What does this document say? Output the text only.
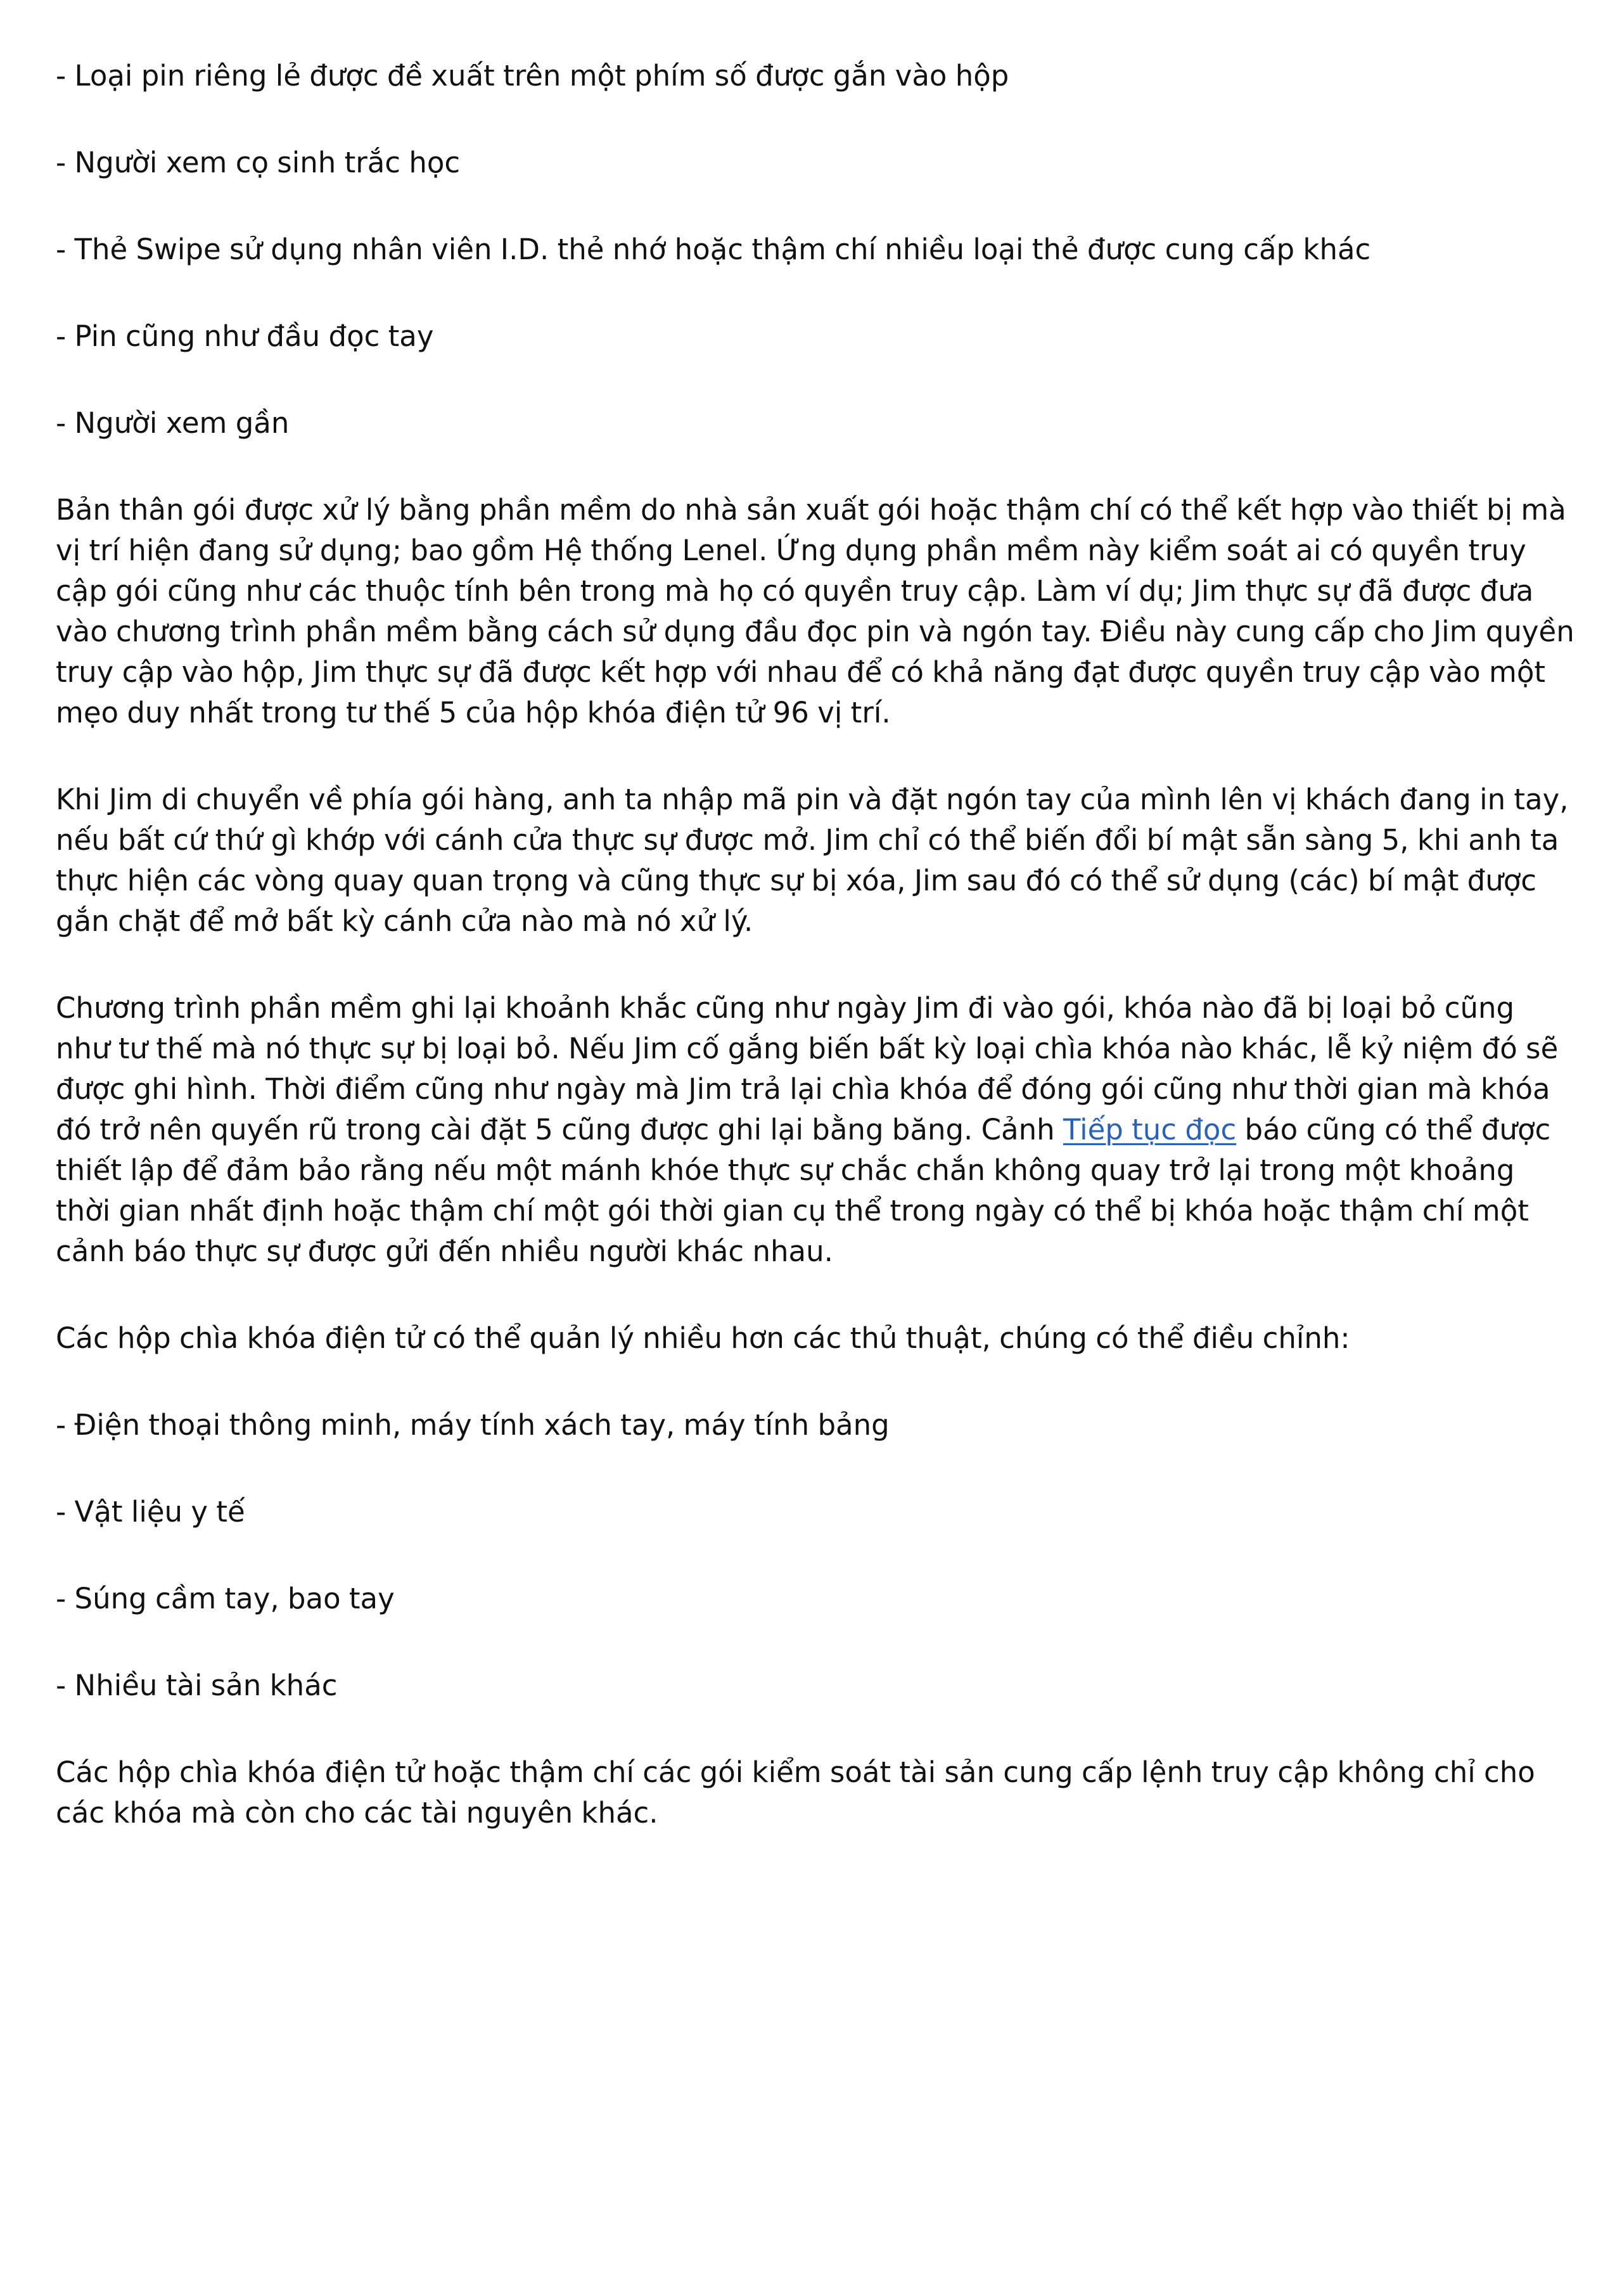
- Loại pin riêng lẻ được đề xuất trên một phím số được gắn vào hộp

- Người xem cọ sinh trắc học

- Thẻ Swipe sử dụng nhân viên I.D. thẻ nhớ hoặc thậm chí nhiều loại thẻ được cung cấp khác

- Pin cũng như đầu đọc tay

- Người xem gần

Bản thân gói được xử lý bằng phần mềm do nhà sản xuất gói hoặc thậm chí có thể kết hợp vào thiết bị mà vị trí hiện đang sử dụng; bao gồm Hệ thống Lenel. Ứng dụng phần mềm này kiểm soát ai có quyền truy cập gói cũng như các thuộc tính bên trong mà họ có quyền truy cập. Làm ví dụ; Jim thực sự đã được đưa vào chương trình phần mềm bằng cách sử dụng đầu đọc pin và ngón tay. Điều này cung cấp cho Jim quyền truy cập vào hộp, Jim thực sự đã được kết hợp với nhau để có khả năng đạt được quyền truy cập vào một mẹo duy nhất trong tư thế 5 của hộp khóa điện tử 96 vị trí.

Khi Jim di chuyển về phía gói hàng, anh ta nhập mã pin và đặt ngón tay của mình lên vị khách đang in tay, nếu bất cứ thứ gì khớp với cánh cửa thực sự được mở. Jim chỉ có thể biến đổi bí mật sẵn sàng 5, khi anh ta thực hiện các vòng quay quan trọng và cũng thực sự bị xóa, Jim sau đó có thể sử dụng (các) bí mật được gắn chặt để mở bất kỳ cánh cửa nào mà nó xử lý.

Chương trình phần mềm ghi lại khoảnh khắc cũng như ngày Jim đi vào gói, khóa nào đã bị loại bỏ cũng như tư thế mà nó thực sự bị loại bỏ. Nếu Jim cố gắng biến bất kỳ loại chìa khóa nào khác, lễ kỷ niệm đó sẽ được ghi hình. Thời điểm cũng như ngày mà Jim trả lại chìa khóa để đóng gói cũng như thời gian mà khóa đó trở nên quyến rũ trong cài đặt 5 cũng được ghi lại bằng băng. Cảnh Tiếp tục đọc báo cũng có thể được thiết lập để đảm bảo rằng nếu một mánh khóe thực sự chắc chắn không quay trở lại trong một khoảng thời gian nhất định hoặc thậm chí một gói thời gian cụ thể trong ngày có thể bị khóa hoặc thậm chí một cảnh báo thực sự được gửi đến nhiều người khác nhau.

Các hộp chìa khóa điện tử có thể quản lý nhiều hơn các thủ thuật, chúng có thể điều chỉnh:

- Điện thoại thông minh, máy tính xách tay, máy tính bảng

- Vật liệu y tế

- Súng cầm tay, bao tay

- Nhiều tài sản khác

Các hộp chìa khóa điện tử hoặc thậm chí các gói kiểm soát tài sản cung cấp lệnh truy cập không chỉ cho các khóa mà còn cho các tài nguyên khác.
